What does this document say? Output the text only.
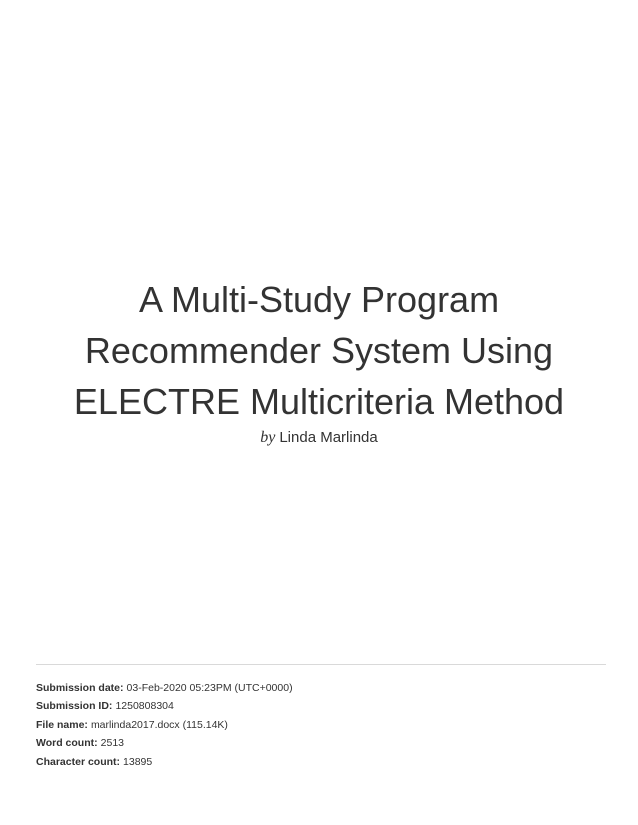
A Multi-Study Program
Recommender System Using
ELECTRE Multicriteria Method
by Linda Marlinda
Submission date: 03-Feb-2020 05:23PM (UTC+0000)
Submission ID: 1250808304
File name: marlinda2017.docx (115.14K)
Word count: 2513
Character count: 13895
